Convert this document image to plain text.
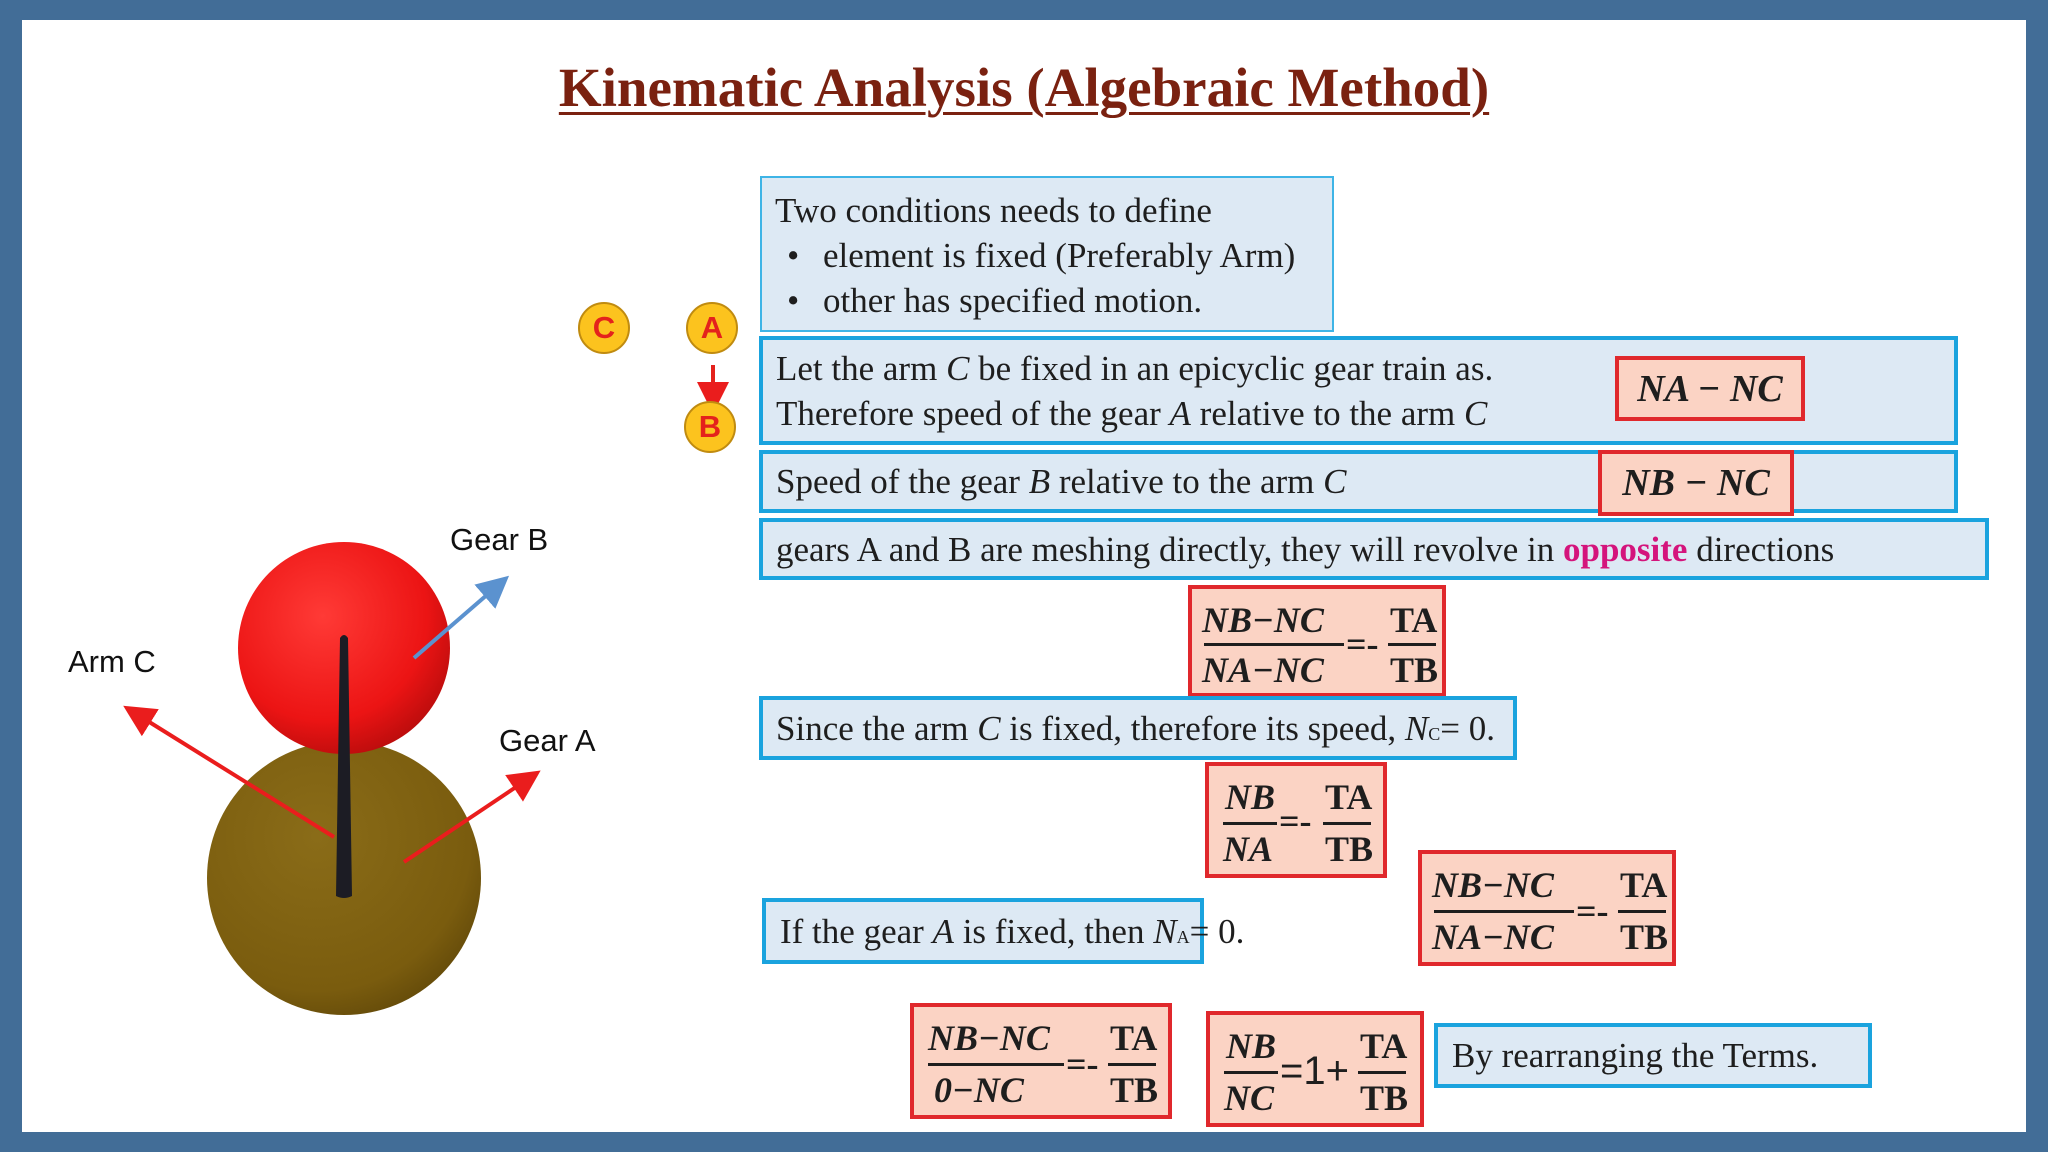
Kinematic Analysis (Algebraic Method)
Two conditions needs to define
• element is fixed (Preferably Arm)
• other has specified motion.
Let the arm C be fixed in an epicyclic gear train as.
Therefore speed of the gear A relative to the arm C
NA − NC
Speed of the gear B relative to the arm C	NB − NC
gears A and B are meshing directly, they will revolve in opposite directions
NB−NC
NA−NC
=-
TA
TB
Since the arm C is fixed, therefore its speed, NC= 0.
NB
NA
=-
TA
TB
NB−NC
NA−NC
=-
TA
TB
If the gear A is fixed, then NA= 0.
NB−NC
0−NC
=-
TA
TB
NB
NC
=1+
TA
TB
By rearranging the Terms.
Arm C
Gear B
Gear A
C	A
B
